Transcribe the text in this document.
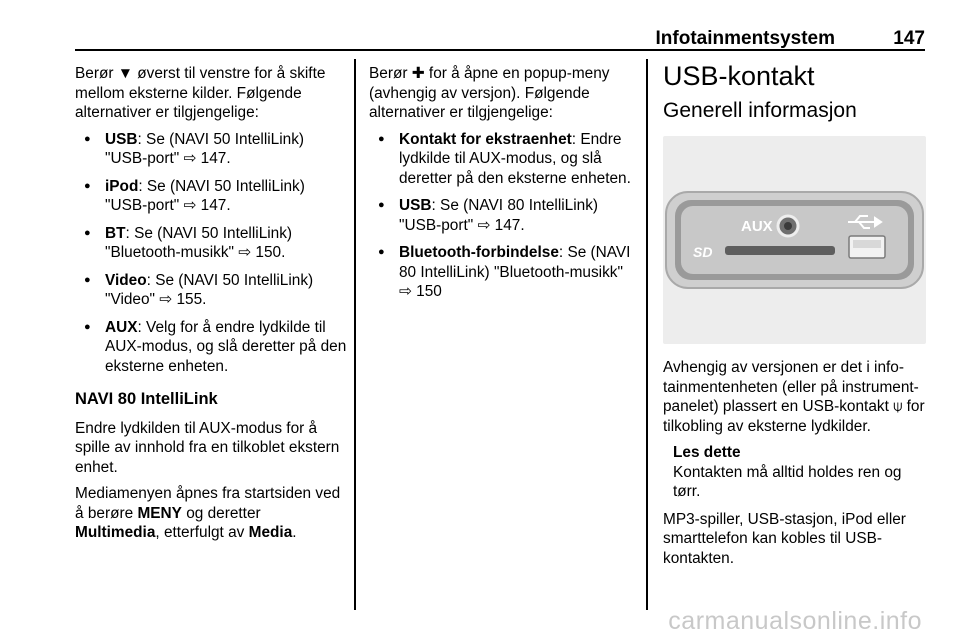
Infotainmentsystem	147

Berør ▼ øverst til venstre for å skifte mellom eksterne kilder. Følgende alternativer er tilgjengelige:

● USB: Se (NAVI 50 IntelliLink) "USB-port" ⇨ 147.
● iPod: Se (NAVI 50 IntelliLink) "USB-port" ⇨ 147.
● BT: Se (NAVI 50 IntelliLink) "Bluetooth-musikk" ⇨ 150.
● Video: Se (NAVI 50 IntelliLink) "Video" ⇨ 155.
● AUX: Velg for å endre lydkilde til AUX-modus, og slå deretter på den eksterne enheten.
NAVI 80 IntelliLink

Endre lydkilden til AUX-modus for å spille av innhold fra en tilkoblet ekstern enhet.

Mediamenyen åpnes fra startsiden ved å berøre MENY og deretter Multimedia, etterfulgt av Media.

Berør ✚ for å åpne en popup-meny (avhengig av versjon). Følgende alternativer er tilgjengelige:

● Kontakt for ekstraenhet: Endre lydkilde til AUX-modus, og slå deretter på den eksterne enheten.
● USB: Se (NAVI 80 IntelliLink) "USB-port" ⇨ 147.
● Bluetooth-forbindelse: Se (NAVI 80 IntelliLink) "Bluetooth-musikk" ⇨ 150
USB-kontakt
Generell informasjon
AUX
SD

Avhengig av versjonen er det i info-tainmentenheten (eller på instrument-panelet) plassert en USB-kontakt ⍦ for tilkobling av eksterne lydkilder.

Les dette
Kontakten må alltid holdes ren og tørr.

MP3-spiller, USB-stasjon, iPod eller smarttelefon kan kobles til USB-kontakten.

carmanualsonline.info
